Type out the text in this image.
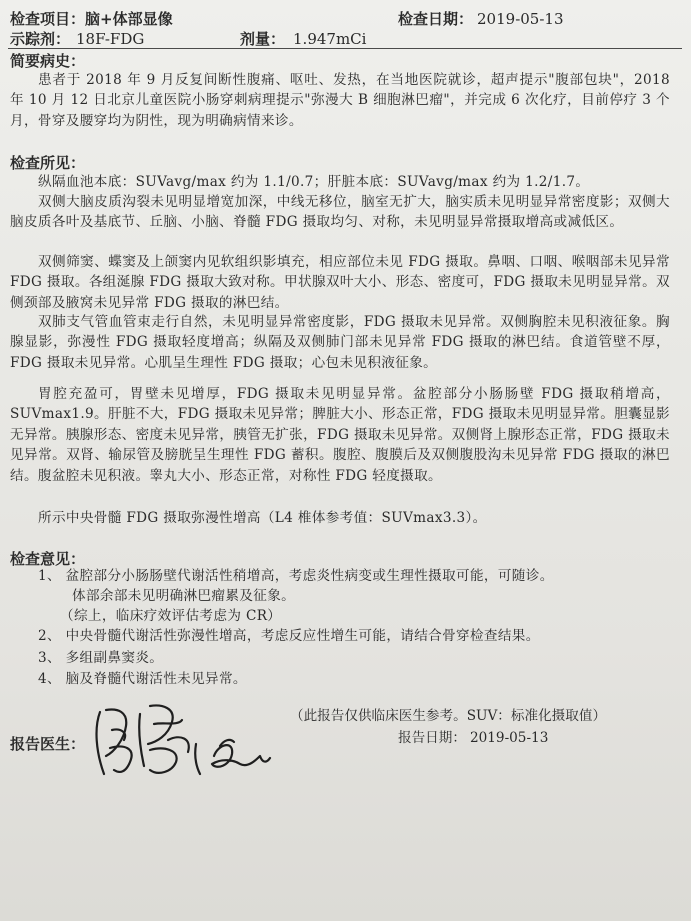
检查项目：脑+体部显像	检查日期： 2019-05-13
示踪剂： 18F-FDG	剂量： 1.947mCi
简要病史：

患者于 2018 年 9 月反复间断性腹痛、呕吐、发热，在当地医院就诊，超声提示"腹部包块"，2018 年 10 月 12 日北京儿童医院小肠穿刺病理提示"弥漫大 B 细胞淋巴瘤"，并完成 6 次化疗，目前停疗 3 个月，骨穿及腰穿均为阴性，现为明确病情来诊。

检查所见：

纵隔血池本底：SUVavg/max 约为 1.1/0.7；肝脏本底：SUVavg/max 约为 1.2/1.7。

双侧大脑皮质沟裂未见明显增宽加深，中线无移位，脑室无扩大，脑实质未见明显异常密度影；双侧大脑皮质各叶及基底节、丘脑、小脑、脊髓 FDG 摄取均匀、对称，未见明显异常摄取增高或减低区。

双侧筛窦、蝶窦及上颌窦内见软组织影填充，相应部位未见 FDG 摄取。鼻咽、口咽、喉咽部未见异常 FDG 摄取。各组涎腺 FDG 摄取大致对称。甲状腺双叶大小、形态、密度可，FDG 摄取未见明显异常。双侧颈部及腋窝未见异常 FDG 摄取的淋巴结。

双肺支气管血管束走行自然，未见明显异常密度影，FDG 摄取未见异常。双侧胸腔未见积液征象。胸腺显影，弥漫性 FDG 摄取轻度增高；纵隔及双侧肺门部未见异常 FDG 摄取的淋巴结。食道管壁不厚，FDG 摄取未见异常。心肌呈生理性 FDG 摄取；心包未见积液征象。

胃腔充盈可，胃壁未见增厚，FDG 摄取未见明显异常。盆腔部分小肠肠壁 FDG 摄取稍增高，SUVmax1.9。肝脏不大，FDG 摄取未见异常；脾脏大小、形态正常，FDG 摄取未见明显异常。胆囊显影无异常。胰腺形态、密度未见异常，胰管无扩张，FDG 摄取未见异常。双侧肾上腺形态正常，FDG 摄取未见异常。双肾、输尿管及膀胱呈生理性 FDG 蓄积。腹腔、腹膜后及双侧腹股沟未见异常 FDG 摄取的淋巴结。腹盆腔未见积液。睾丸大小、形态正常，对称性 FDG 轻度摄取。

所示中央骨髓 FDG 摄取弥漫性增高（L4 椎体参考值：SUVmax3.3）。

检查意见：
1、 盆腔部分小肠肠壁代谢活性稍增高，考虑炎性病变或生理性摄取可能，可随诊。
体部余部未见明确淋巴瘤累及征象。
（综上，临床疗效评估考虑为 CR）
2、 中央骨髓代谢活性弥漫性增高，考虑反应性增生可能，请结合骨穿检查结果。
3、 多组副鼻窦炎。
4、 脑及脊髓代谢活性未见异常。
（此报告仅供临床医生参考。SUV：标准化摄取值）
报告日期： 2019-05-13
报告医生：
